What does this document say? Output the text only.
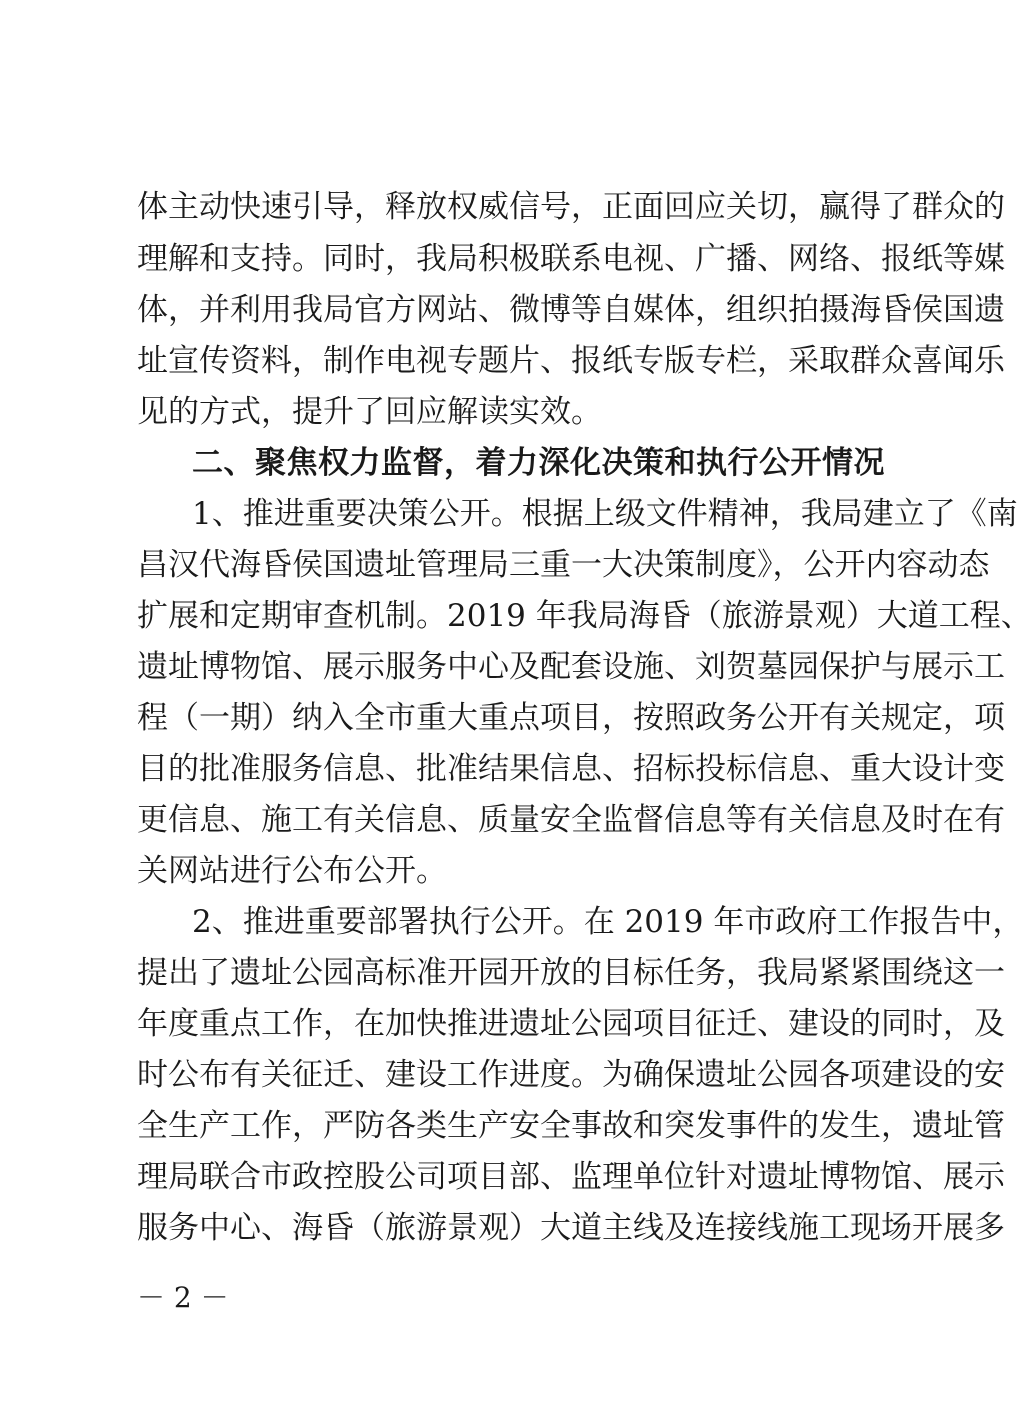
体主动快速引导，释放权威信号，正面回应关切，赢得了群众的
理解和支持。同时，我局积极联系电视、广播、网络、报纸等媒
体，并利用我局官方网站、微博等自媒体，组织拍摄海昏侯国遗
址宣传资料，制作电视专题片、报纸专版专栏，采取群众喜闻乐
见的方式，提升了回应解读实效。
二、聚焦权力监督，着力深化决策和执行公开情况
1、推进重要决策公开。根据上级文件精神，我局建立了《南
昌汉代海昏侯国遗址管理局三重一大决策制度》，公开内容动态
扩展和定期审查机制。2019 年我局海昏（旅游景观）大道工程、
遗址博物馆、展示服务中心及配套设施、刘贺墓园保护与展示工
程（一期）纳入全市重大重点项目，按照政务公开有关规定，项
目的批准服务信息、批准结果信息、招标投标信息、重大设计变
更信息、施工有关信息、质量安全监督信息等有关信息及时在有
关网站进行公布公开。
2、推进重要部署执行公开。在 2019 年市政府工作报告中，
提出了遗址公园高标准开园开放的目标任务，我局紧紧围绕这一
年度重点工作，在加快推进遗址公园项目征迁、建设的同时，及
时公布有关征迁、建设工作进度。为确保遗址公园各项建设的安
全生产工作，严防各类生产安全事故和突发事件的发生，遗址管
理局联合市政控股公司项目部、监理单位针对遗址博物馆、展示
服务中心、海昏（旅游景观）大道主线及连接线施工现场开展多
－ 2 －
